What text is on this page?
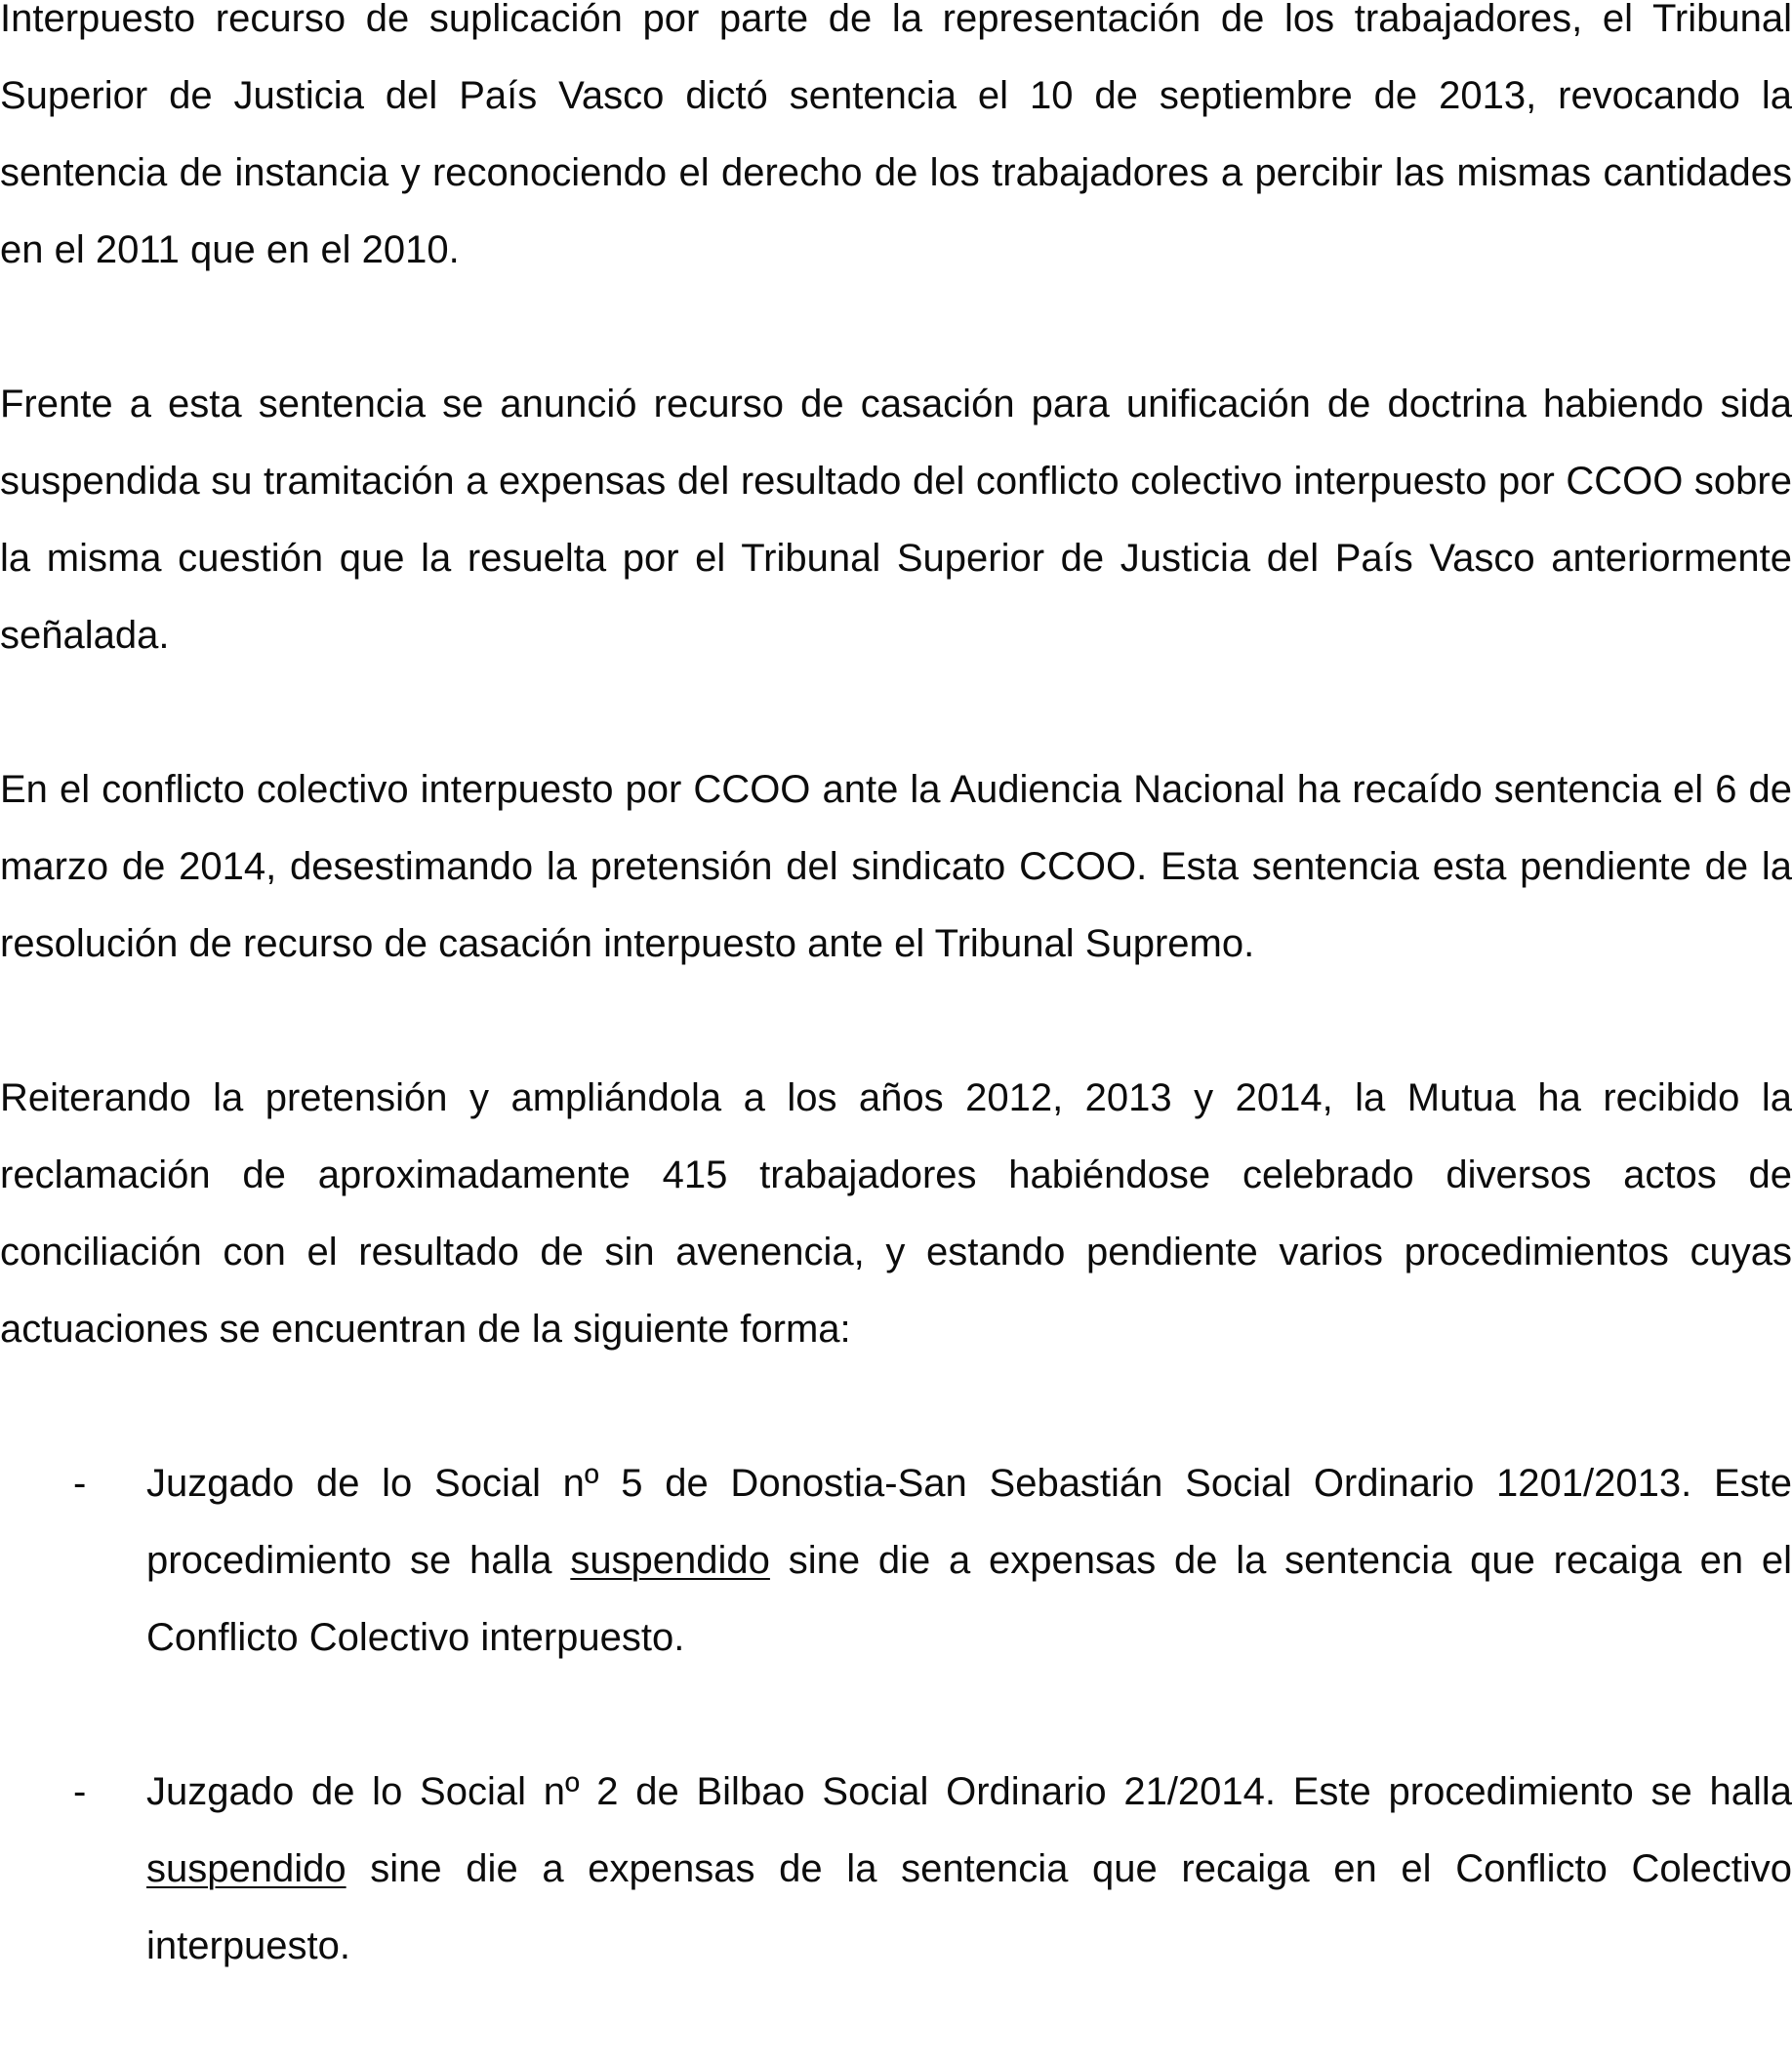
Interpuesto recurso de suplicación por parte de la representación de los trabajadores, el Tribunal Superior de Justicia del País Vasco dictó sentencia el 10 de septiembre de 2013, revocando la sentencia de instancia y reconociendo el derecho de los trabajadores a percibir las mismas cantidades en el 2011 que en el 2010.

Frente a esta sentencia se anunció recurso de casación para unificación de doctrina habiendo sida suspendida su tramitación a expensas del resultado del conflicto colectivo interpuesto por CCOO sobre la misma cuestión que la resuelta por el Tribunal Superior de Justicia del País Vasco anteriormente señalada.

En el conflicto colectivo interpuesto por CCOO ante la Audiencia Nacional ha recaído sentencia el 6 de marzo de 2014, desestimando la pretensión del sindicato CCOO. Esta sentencia esta pendiente de la resolución de recurso de casación interpuesto ante el Tribunal Supremo.

Reiterando la pretensión y ampliándola a los años 2012, 2013 y 2014, la Mutua ha recibido la reclamación de aproximadamente 415 trabajadores habiéndose celebrado diversos actos de conciliación con el resultado de sin avenencia, y estando pendiente varios procedimientos cuyas actuaciones se encuentran de la siguiente forma:

- Juzgado de lo Social nº 5 de Donostia-San Sebastián Social Ordinario 1201/2013. Este procedimiento se halla suspendido sine die a expensas de la sentencia que recaiga en el Conflicto Colectivo interpuesto.
- Juzgado de lo Social nº 2 de Bilbao Social Ordinario 21/2014. Este procedimiento se halla suspendido sine die a expensas de la sentencia que recaiga en el Conflicto Colectivo interpuesto.
